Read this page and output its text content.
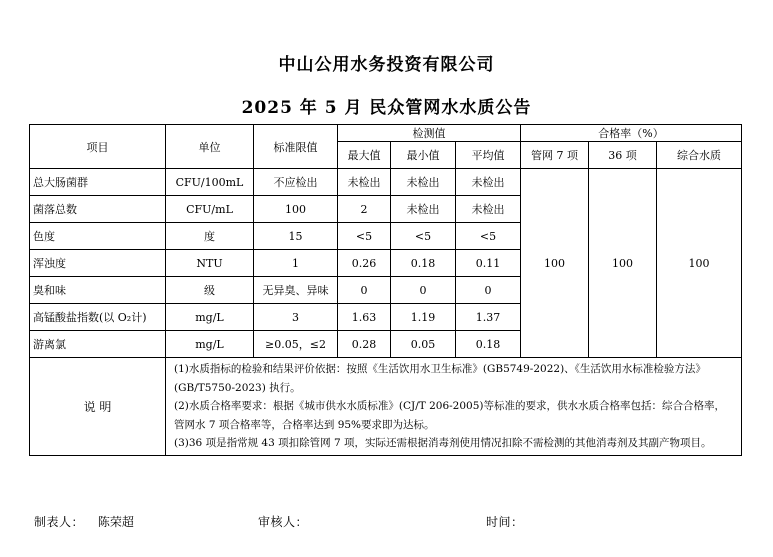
中山公用水务投资有限公司
2025 年 5 月 民众管网水水质公告
项目	单位	标准限值	检测值			合格率（%）		
			最大值	最小值	平均值	管网 7 项	36 项	综合水质
总大肠菌群	CFU/100mL	不应检出	未检出	未检出	未检出	100	100	100
菌落总数	CFU/mL	100	2	未检出	未检出			
色度	度	15	<5	<5	<5			
浑浊度	NTU	1	0.26	0.18	0.11			
臭和味	级	无异臭、异味	0	0	0			
高锰酸盐指数(以 O₂计)	mg/L	3	1.63	1.19	1.37			
游离氯	mg/L	≥0.05，≤2	0.28	0.05	0.18			
说 明	(1)水质指标的检验和结果评价依据：按照《生活饮用水卫生标准》(GB5749-2022)、《生活饮用水标准检验方法》 (GB/T5750-2023) 执行。

(2)水质合格率要求：根据《城市供水水质标准》(CJ/T 206-2005)等标准的要求，供水水质合格率包括：综合合格率，管网水 7 项合格率等，合格率达到 95%要求即为达标。

(3)36 项是指常规 43 项扣除管网 7 项，实际还需根据消毒剂使用情况扣除不需检测的其他消毒剂及其副产物项目。							

制表人： 陈荣超	审核人：	时间：
